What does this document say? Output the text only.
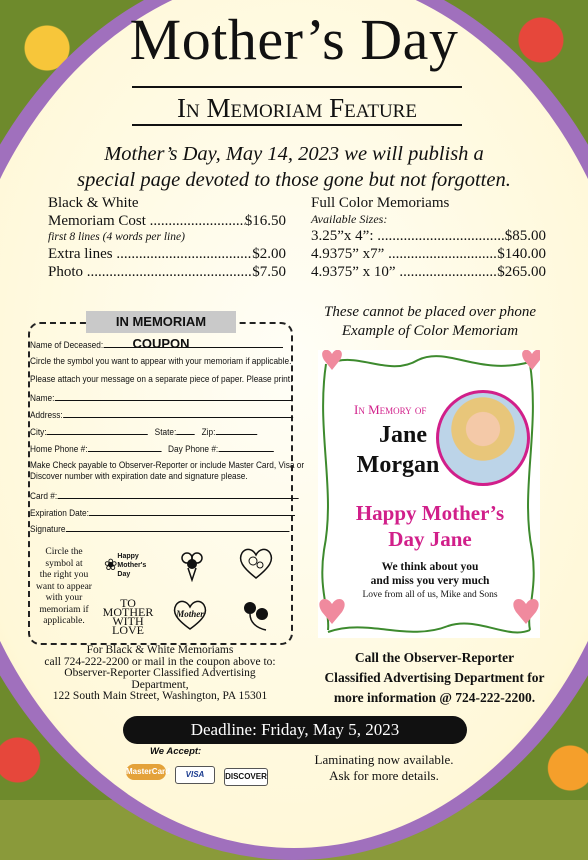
Mother’s Day
In Memoriam Feature
Mother’s Day, May 14, 2023 we will publish a
special page devoted to those gone but not forgotten.
Black & White
Memoriam Cost .....	$16.50
first 8 lines (4 words per line)
Extra lines .....	$2.00
Photo .....	$7.50
Full Color Memoriams
Available Sizes:
3.25”x 4”: .....	$85.00
4.9375” x7” .....	$140.00
4.9375” x 10” .....	$265.00
These cannot be placed over phone
Example of Color Memoriam
IN MEMORIAM COUPON
Name of Deceased:
Circle the symbol you want to appear with your memoriam if applicable.
Please attach your message on a separate piece of paper. Please print.
Name:
Address:
City:	State:	Zip:
Home Phone #:	Day Phone #:
Make Check payable to Observer-Reporter or include Master Card, Visa or
Discover number with expiration date and signature please.
Card #:
Expiration Date:
Signature
Circle the
symbol at
the right you
want to appear
with your
memoriam if
applicable.
❀
Happy Mother's Day
TO MOTHER WITH LOVE
Mother
For Black & White Memoriams
call 724-222-2200 or mail in the coupon above to:
Observer-Reporter Classified Advertising Department,
122 South Main Street, Washington, PA 15301
In Memory of
Jane
Morgan
Happy Mother’s
Day Jane
We think about you
and miss you very much
Love from all of us, Mike and Sons
Call the Observer-Reporter
Classified Advertising Department for
more information @ 724-222-2200.
Deadline: Friday, May 5, 2023
We Accept:
MasterCard	VISA	DISCOVER
Laminating now available.
Ask for more details.
